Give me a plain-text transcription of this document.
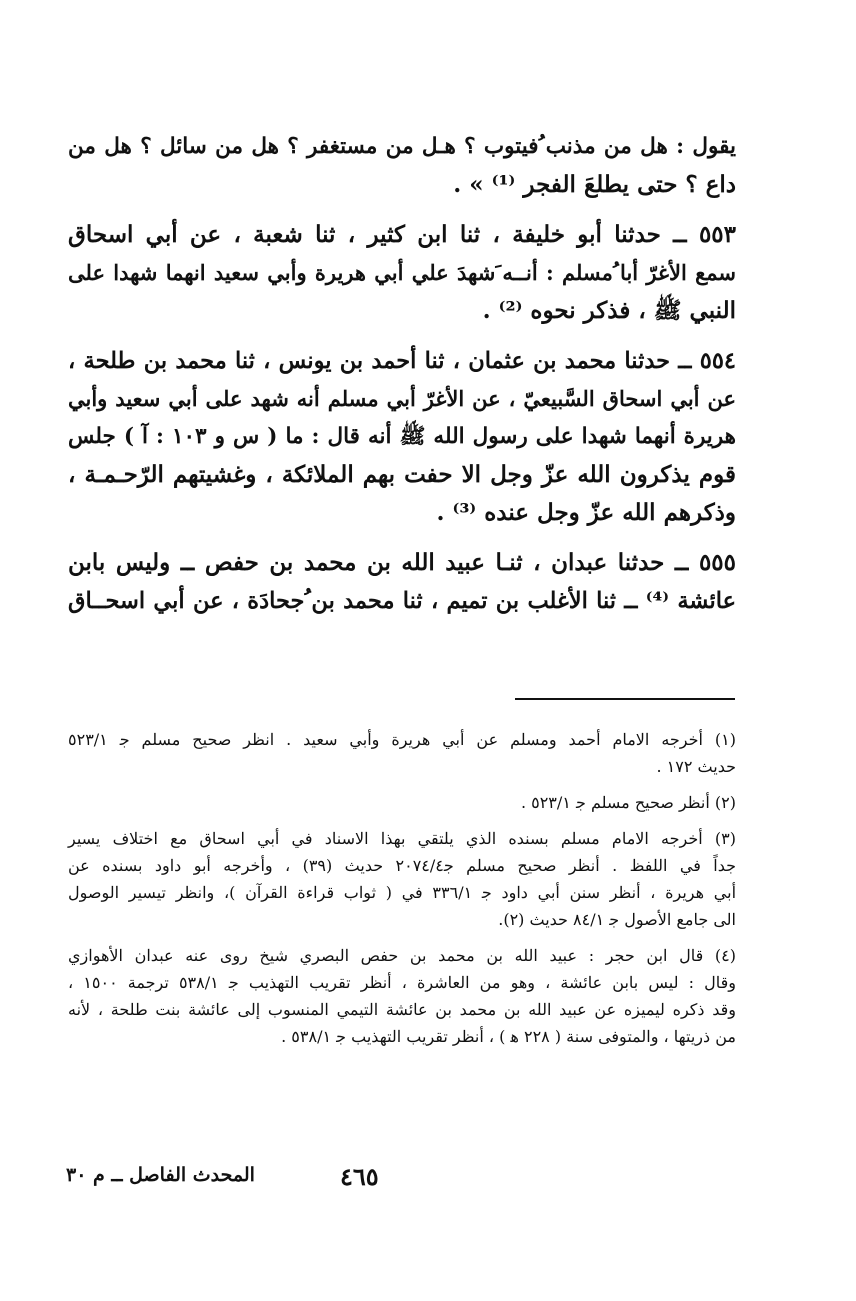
يقول : هل من مذنب ُفيتوب ؟ هـل من مستغفر ؟ هل من سائل ؟ هل من
داع ؟ حتى يطلعَ الفجر ⁽¹⁾ » .
٥٥٣ ــ حدثنا أبو خليفة ، ثنا ابن كثير ، ثنا شعبة ، عن أبي اسحاق
سمع الأغرّ أبا ُمسلم : أنــه َشهدَ علي أبي هريرة وأبي سعيد انهما شهدا على
النبي ﷺ ، فذكر نحوه ⁽²⁾ .
٥٥٤ ــ حدثنا محمد بن عثمان ، ثنا أحمد بن يونس ، ثنا محمد بن طلحة ،
عن أبي اسحاق السَّبيعيّ ، عن الأغرّ أبي مسلم أنه شهد على أبي سعيد وأبي
هريرة أنهما شهدا على رسول الله ﷺ أنه قال : ما ( س و ١٠٣ : آ ) جلس
قوم يذكرون الله عزّ وجل الا حفت بهم الملائكة ، وغشيتهم الرّحـمـة ،
وذكرهم الله عزّ وجل عنده ⁽³⁾ .
٥٥٥ ــ حدثنا عبدان ، ثنـا عبيد الله بن محمد بن حفص ــ وليس بابن
عائشة ⁽⁴⁾ ــ ثنا الأغلب بن تميم ، ثنا محمد بن ُجحادَة ، عن أبي اسحــاق
(١) أخرجه الامام أحمد ومسلم عن أبي هريرة وأبي سعيد . انظر صحيح مسلم ﺟ ٥٢٣/١
حديث ١٧٢ .
(٢) أنظر صحيح مسلم ﺟ ٥٢٣/١ .
(٣) أخرجه الامام مسلم بسنده الذي يلتقي بهذا الاسناد في أبي اسحاق مع اختلاف يسير
جداً في اللفظ . أنظر صحيح مسلم ﺟ٢٠٧٤/٤ حديث (٣٩) ، وأخرجه أبو داود بسنده عن
أبي هريرة ، أنظر سنن أبي داود ﺟ ٣٣٦/١ في ( ثواب قراءة القرآن )، وانظر تيسير الوصول
الى جامع الأصول ﺟ ٨٤/١ حديث (٢).
(٤) قال ابن حجر : عبيد الله بن محمد بن حفص البصري شيخ روى عنه عبدان الأهوازي
وقال : ليس بابن عائشة ، وهو من العاشرة ، أنظر تقريب التهذيب ﺟ ٥٣٨/١ ترجمة ١٥٠٠ ،
وقد ذكره ليميزه عن عبيد الله بن محمد بن عائشة التيمي المنسوب إلى عائشة بنت طلحة ، لأنه
من ذريتها ، والمتوفى سنة ( ٢٢٨ ﻫ ) ، أنظر تقريب التهذيب ﺟ ٥٣٨/١ .
٤٦٥
المحدث الفاصل ــ م ٣٠
